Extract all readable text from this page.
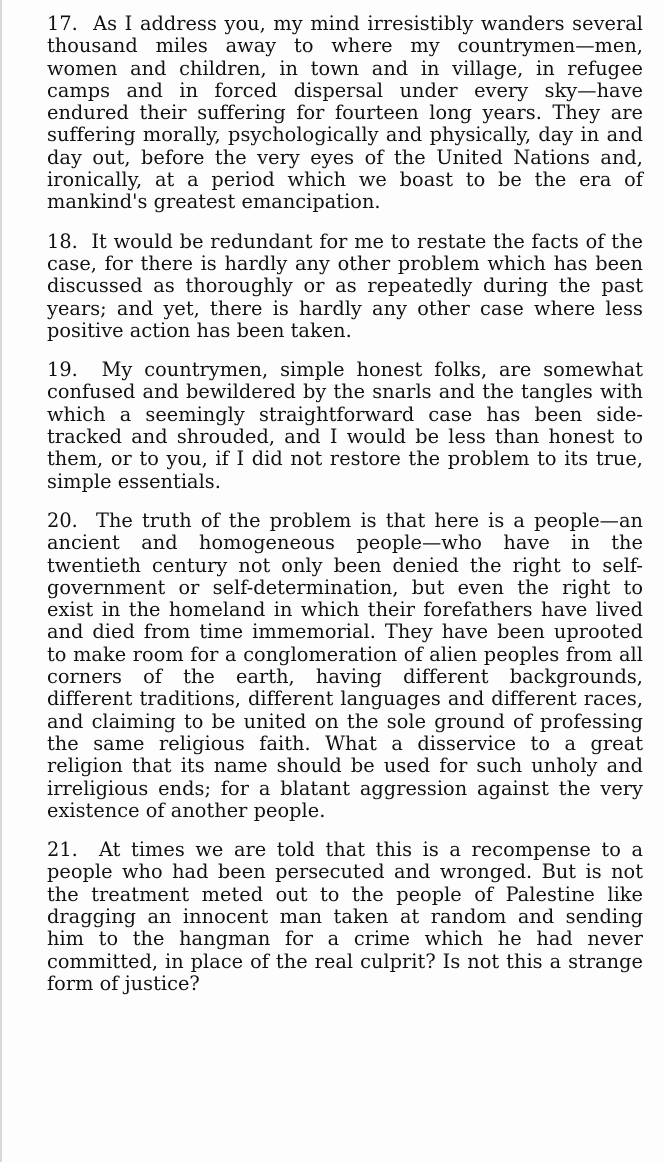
17. As I address you, my mind irresistibly wanders several thousand miles away to where my countrymen—men, women and children, in town and in village, in refugee camps and in forced dispersal under every sky—have endured their suffering for fourteen long years. They are suffering morally, psychologically and physically, day in and day out, before the very eyes of the United Nations and, ironically, at a period which we boast to be the era of mankind's greatest emancipation.

18. It would be redundant for me to restate the facts of the case, for there is hardly any other problem which has been discussed as thoroughly or as repeatedly during the past years; and yet, there is hardly any other case where less positive action has been taken.

19. My countrymen, simple honest folks, are somewhat confused and bewildered by the snarls and the tangles with which a seemingly straightforward case has been side-tracked and shrouded, and I would be less than honest to them, or to you, if I did not restore the problem to its true, simple essentials.

20. The truth of the problem is that here is a people—an ancient and homogeneous people—who have in the twentieth century not only been denied the right to self-government or self-determination, but even the right to exist in the homeland in which their forefathers have lived and died from time immemorial. They have been uprooted to make room for a conglomeration of alien peoples from all corners of the earth, having different backgrounds, different traditions, different languages and different races, and claiming to be united on the sole ground of professing the same religious faith. What a disservice to a great religion that its name should be used for such unholy and irreligious ends; for a blatant aggression against the very existence of another people.

21. At times we are told that this is a recompense to a people who had been persecuted and wronged. But is not the treatment meted out to the people of Palestine like dragging an innocent man taken at random and sending him to the hangman for a crime which he had never committed, in place of the real culprit? Is not this a strange form of justice?
